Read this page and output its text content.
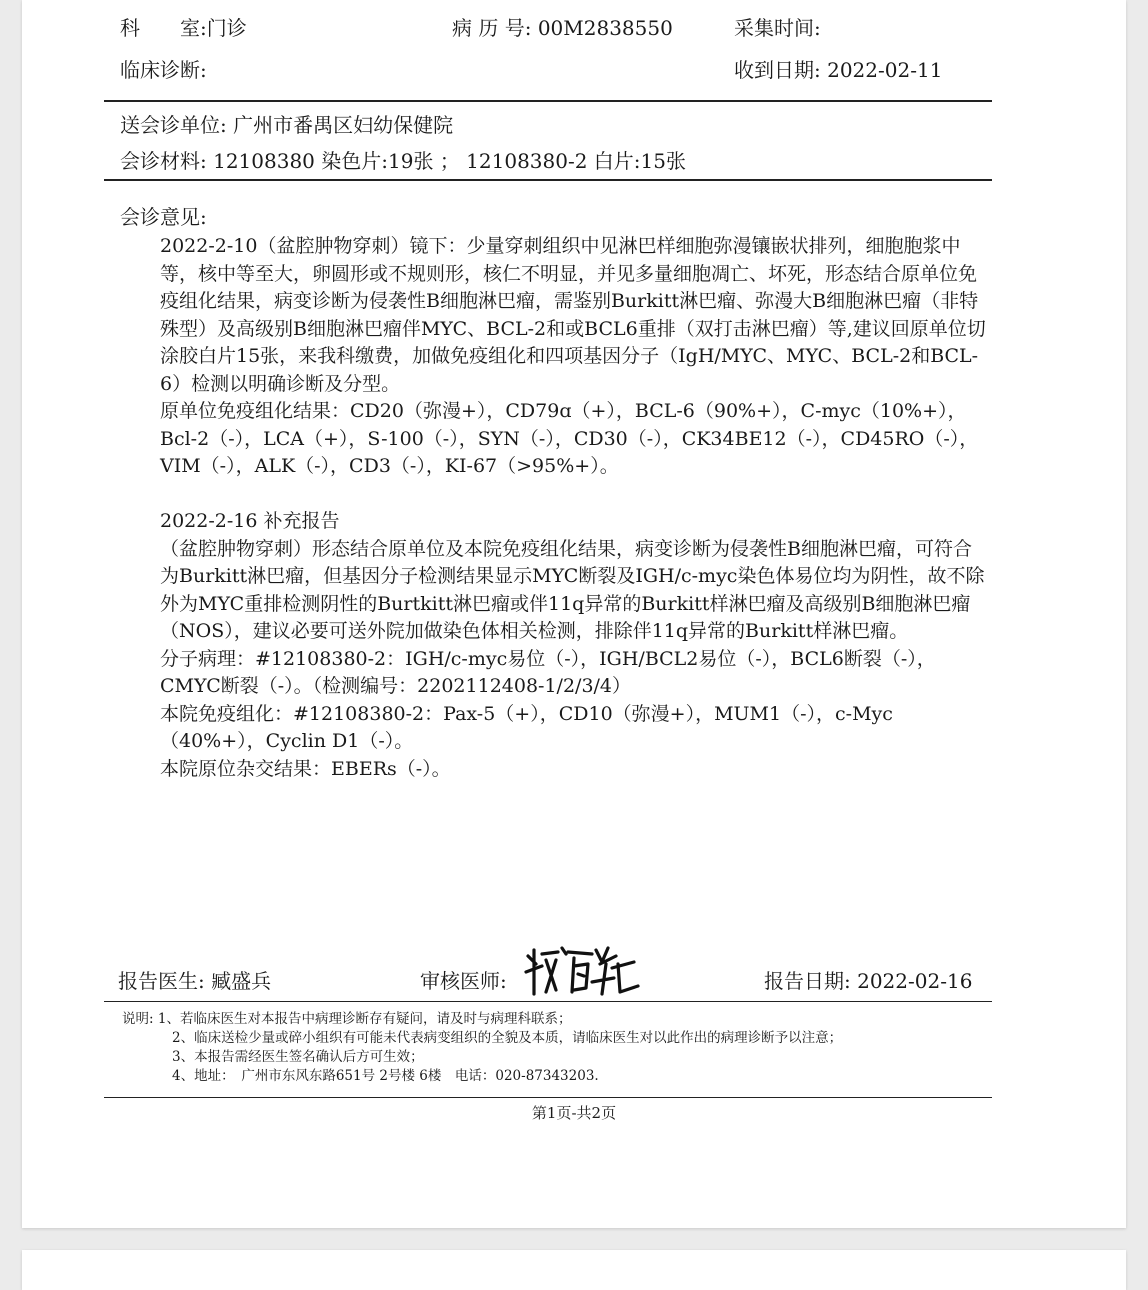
科　　室:门诊	病 历 号: 00M2838550	采集时间:
临床诊断:	收到日期: 2022-02-11
送会诊单位: 广州市番禺区妇幼保健院
会诊材料: 12108380 染色片:19张 ； 12108380-2 白片:15张
会诊意见:

2022-2-10（盆腔肿物穿刺）镜下：少量穿刺组织中见淋巴样细胞弥漫镶嵌状排列，细胞胞浆中等，核中等至大，卵圆形或不规则形，核仁不明显，并见多量细胞凋亡、坏死，形态结合原单位免疫组化结果，病变诊断为侵袭性B细胞淋巴瘤，需鉴别Burkitt淋巴瘤、弥漫大B细胞淋巴瘤（非特殊型）及高级别B细胞淋巴瘤伴MYC、BCL-2和或BCL6重排（双打击淋巴瘤）等,建议回原单位切涂胶白片15张，来我科缴费，加做免疫组化和四项基因分子（IgH/MYC、MYC、BCL-2和BCL-6）检测以明确诊断及分型。

原单位免疫组化结果：CD20（弥漫+），CD79ɑ（+），BCL-6（90%+），C-myc（10%+），Bcl-2（-），LCA（+），S-100（-），SYN（-），CD30（-），CK34BE12（-），CD45RO（-），VIM（-），ALK（-），CD3（-），KI-67（>95%+）。

2022-2-16 补充报告

（盆腔肿物穿刺）形态结合原单位及本院免疫组化结果，病变诊断为侵袭性B细胞淋巴瘤，可符合为Burkitt淋巴瘤，但基因分子检测结果显示MYC断裂及IGH/c-myc染色体易位均为阴性，故不除外为MYC重排检测阴性的Burtkitt淋巴瘤或伴11q异常的Burkitt样淋巴瘤及高级别B细胞淋巴瘤（NOS），建议必要可送外院加做染色体相关检测，排除伴11q异常的Burkitt样淋巴瘤。

分子病理：#12108380-2：IGH/c-myc易位（-），IGH/BCL2易位（-），BCL6断裂（-），CMYC断裂（-）。（检测编号：2202112408-1/2/3/4）

本院免疫组化：#12108380-2：Pax-5（+），CD10（弥漫+），MUM1（-），c-Myc（40%+），Cyclin D1（-）。

本院原位杂交结果：EBERs（-）。

报告医生: 臧盛兵	审核医师:	报告日期: 2022-02-16
说明: 1、若临床医生对本报告中病理诊断存有疑问，请及时与病理科联系；
2、临床送检少量或碎小组织有可能未代表病变组织的全貌及本质，请临床医生对以此作出的病理诊断予以注意；
3、本报告需经医生签名确认后方可生效；
4、地址：　广州市东风东路651号 2号楼 6楼　电话：020-87343203.
第1页-共2页
